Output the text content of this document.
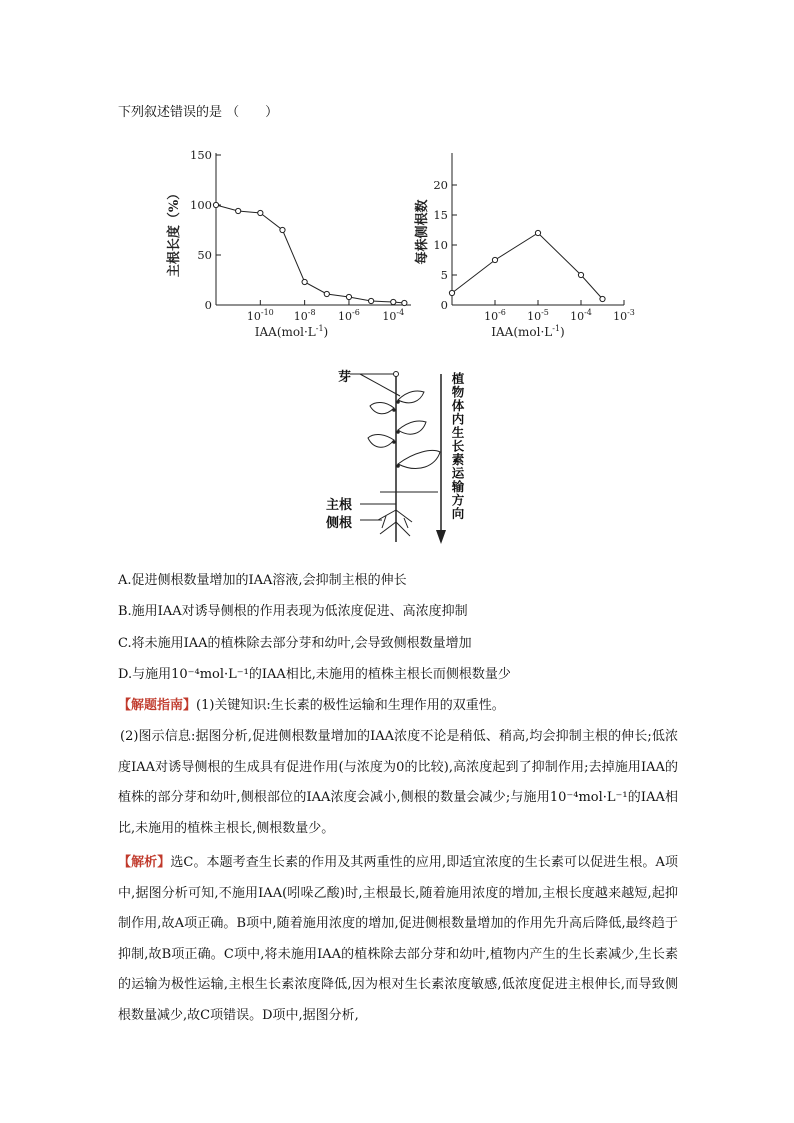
下列叙述错误的是 （　　）
150
100
50
0
$10^{-10}$ $10^{-8}$ $10^{-6}$ $10^{-4}$
$IAA(mol\cdot L^{-1})$
主根长度（%）
20
15
10
5
0
$10^{-6}$ $10^{-5}$ $10^{-4}$ $10^{-3}$
$IAA(mol\cdot L^{-1})$
每株侧根数
芽
主根
侧根
植物体内生长素运输方向
A.促进侧根数量增加的IAA溶液,会抑制主根的伸长
B.施用IAA对诱导侧根的作用表现为低浓度促进、高浓度抑制
C.将未施用IAA的植株除去部分芽和幼叶,会导致侧根数量增加
D.与施用10⁻⁴mol·L⁻¹的IAA相比,未施用的植株主根长而侧根数量少
【解题指南】(1)关键知识:生长素的极性运输和生理作用的双重性。
(2)图示信息:据图分析,促进侧根数量增加的IAA浓度不论是稍低、稍高,均会抑制主根的伸长;低浓度IAA对诱导侧根的生成具有促进作用(与浓度为0的比较),高浓度起到了抑制作用;去掉施用IAA的植株的部分芽和幼叶,侧根部位的IAA浓度会减小,侧根的数量会减少;与施用10⁻⁴mol·L⁻¹的IAA相比,未施用的植株主根长,侧根数量少。
【解析】选C。本题考查生长素的作用及其两重性的应用,即适宜浓度的生长素可以促进生根。A项中,据图分析可知,不施用IAA(吲哚乙酸)时,主根最长,随着施用浓度的增加,主根长度越来越短,起抑制作用,故A项正确。B项中,随着施用浓度的增加,促进侧根数量增加的作用先升高后降低,最终趋于抑制,故B项正确。C项中,将未施用IAA的植株除去部分芽和幼叶,植物内产生的生长素减少,生长素的运输为极性运输,主根生长素浓度降低,因为根对生长素浓度敏感,低浓度促进主根伸长,而导致侧根数量减少,故C项错误。D项中,据图分析,
